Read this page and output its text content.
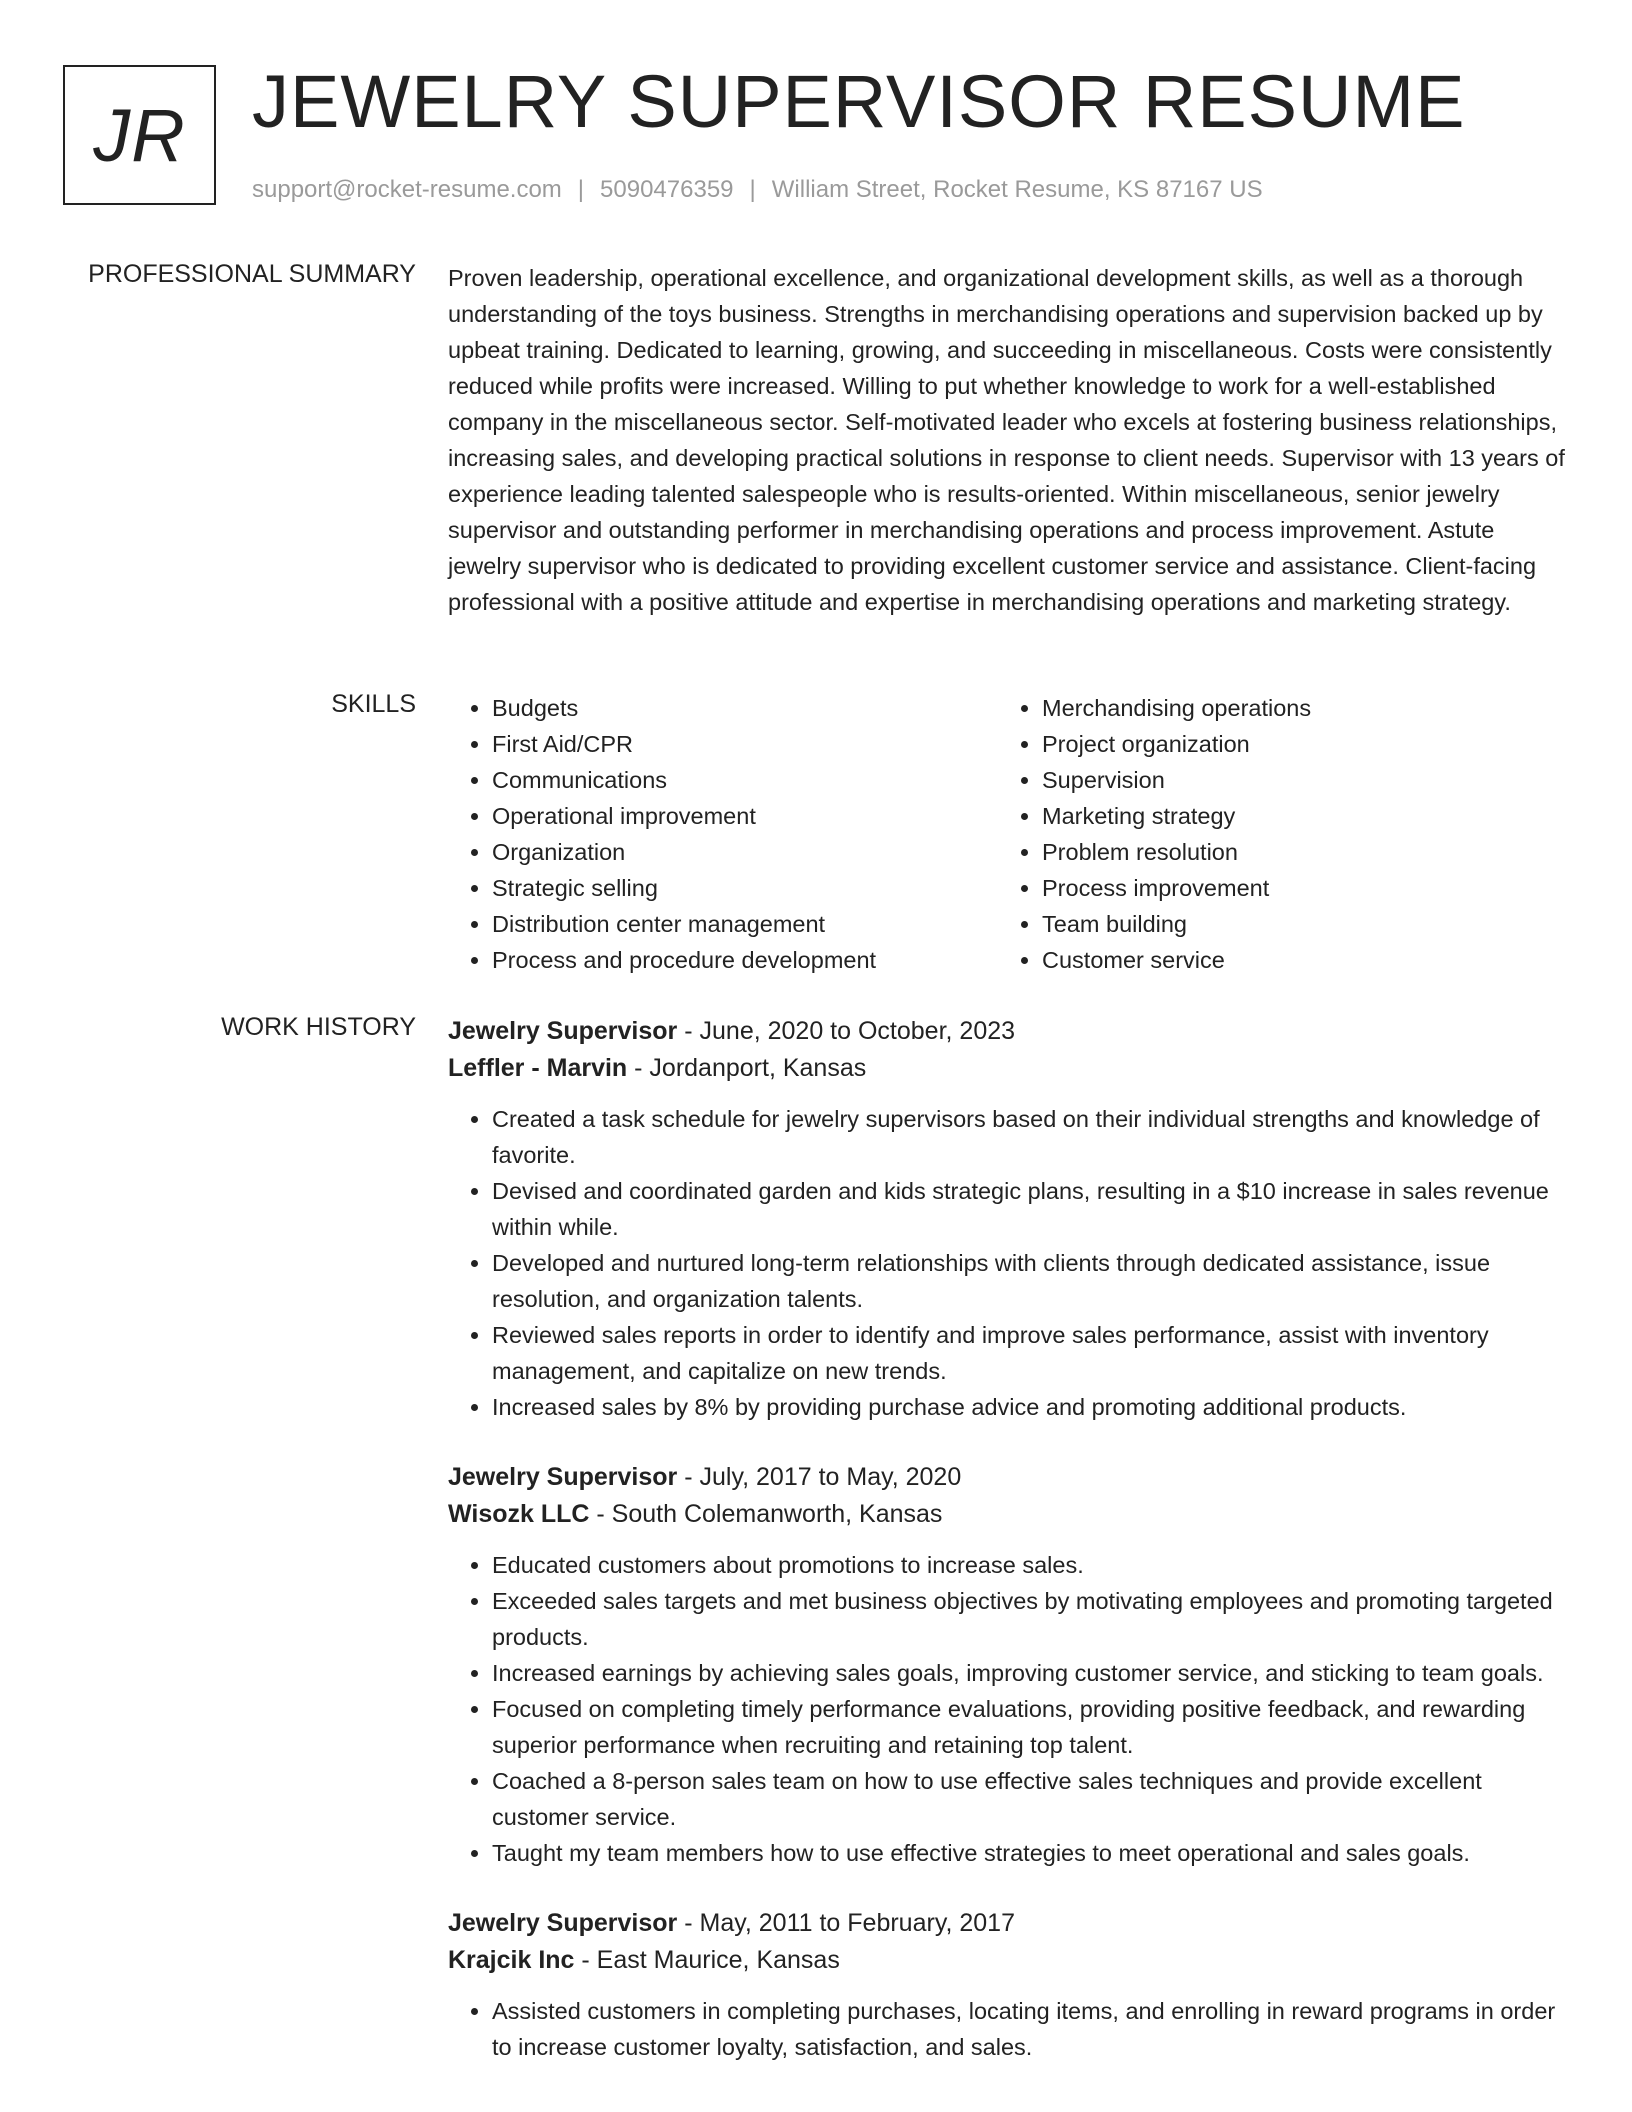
JR JEWELRY SUPERVISOR RESUME
support@rocket-resume.com | 5090476359 | William Street, Rocket Resume, KS 87167 US
PROFESSIONAL SUMMARY Proven leadership, operational excellence, and organizational development skills, as well as a thorough understanding of the toys business. Strengths in merchandising operations and supervision backed up by upbeat training. Dedicated to learning, growing, and succeeding in miscellaneous. Costs were consistently reduced while profits were increased. Willing to put whether knowledge to work for a well-established company in the miscellaneous sector. Self-motivated leader who excels at fostering business relationships, increasing sales, and developing practical solutions in response to client needs. Supervisor with 13 years of experience leading talented salespeople who is results-oriented. Within miscellaneous, senior jewelry supervisor and outstanding performer in merchandising operations and process improvement. Astute jewelry supervisor who is dedicated to providing excellent customer service and assistance. Client-facing professional with a positive attitude and expertise in merchandising operations and marketing strategy.

SKILLS
•	Budgets
• First Aid/CPR
• Communications
• Operational improvement
• Organization
• Strategic selling
• Distribution center management
• Process and procedure development
• Merchandising operations
• Project organization
• Supervision
• Marketing strategy
• Problem resolution
• Process improvement
• Team building
• Customer service
WORK HISTORY Jewelry Supervisor - June, 2020 to October, 2023
Leffler - Marvin - Jordanport, Kansas
• Created a task schedule for jewelry supervisors based on their individual strengths and knowledge of favorite.
• Devised and coordinated garden and kids strategic plans, resulting in a $10 increase in sales revenue within while.
• Developed and nurtured long-term relationships with clients through dedicated assistance, issue resolution, and organization talents.
• Reviewed sales reports in order to identify and improve sales performance, assist with inventory management, and capitalize on new trends.
• Increased sales by 8% by providing purchase advice and promoting additional products.
Jewelry Supervisor - July, 2017 to May, 2020
Wisozk LLC - South Colemanworth, Kansas
• Educated customers about promotions to increase sales.
• Exceeded sales targets and met business objectives by motivating employees and promoting targeted products.
• Increased earnings by achieving sales goals, improving customer service, and sticking to team goals.
• Focused on completing timely performance evaluations, providing positive feedback, and rewarding superior performance when recruiting and retaining top talent.
• Coached a 8-person sales team on how to use effective sales techniques and provide excellent customer service.
• Taught my team members how to use effective strategies to meet operational and sales goals.
Jewelry Supervisor - May, 2011 to February, 2017
Krajcik Inc - East Maurice, Kansas
• Assisted customers in completing purchases, locating items, and enrolling in reward programs in order to increase customer loyalty, satisfaction, and sales.
